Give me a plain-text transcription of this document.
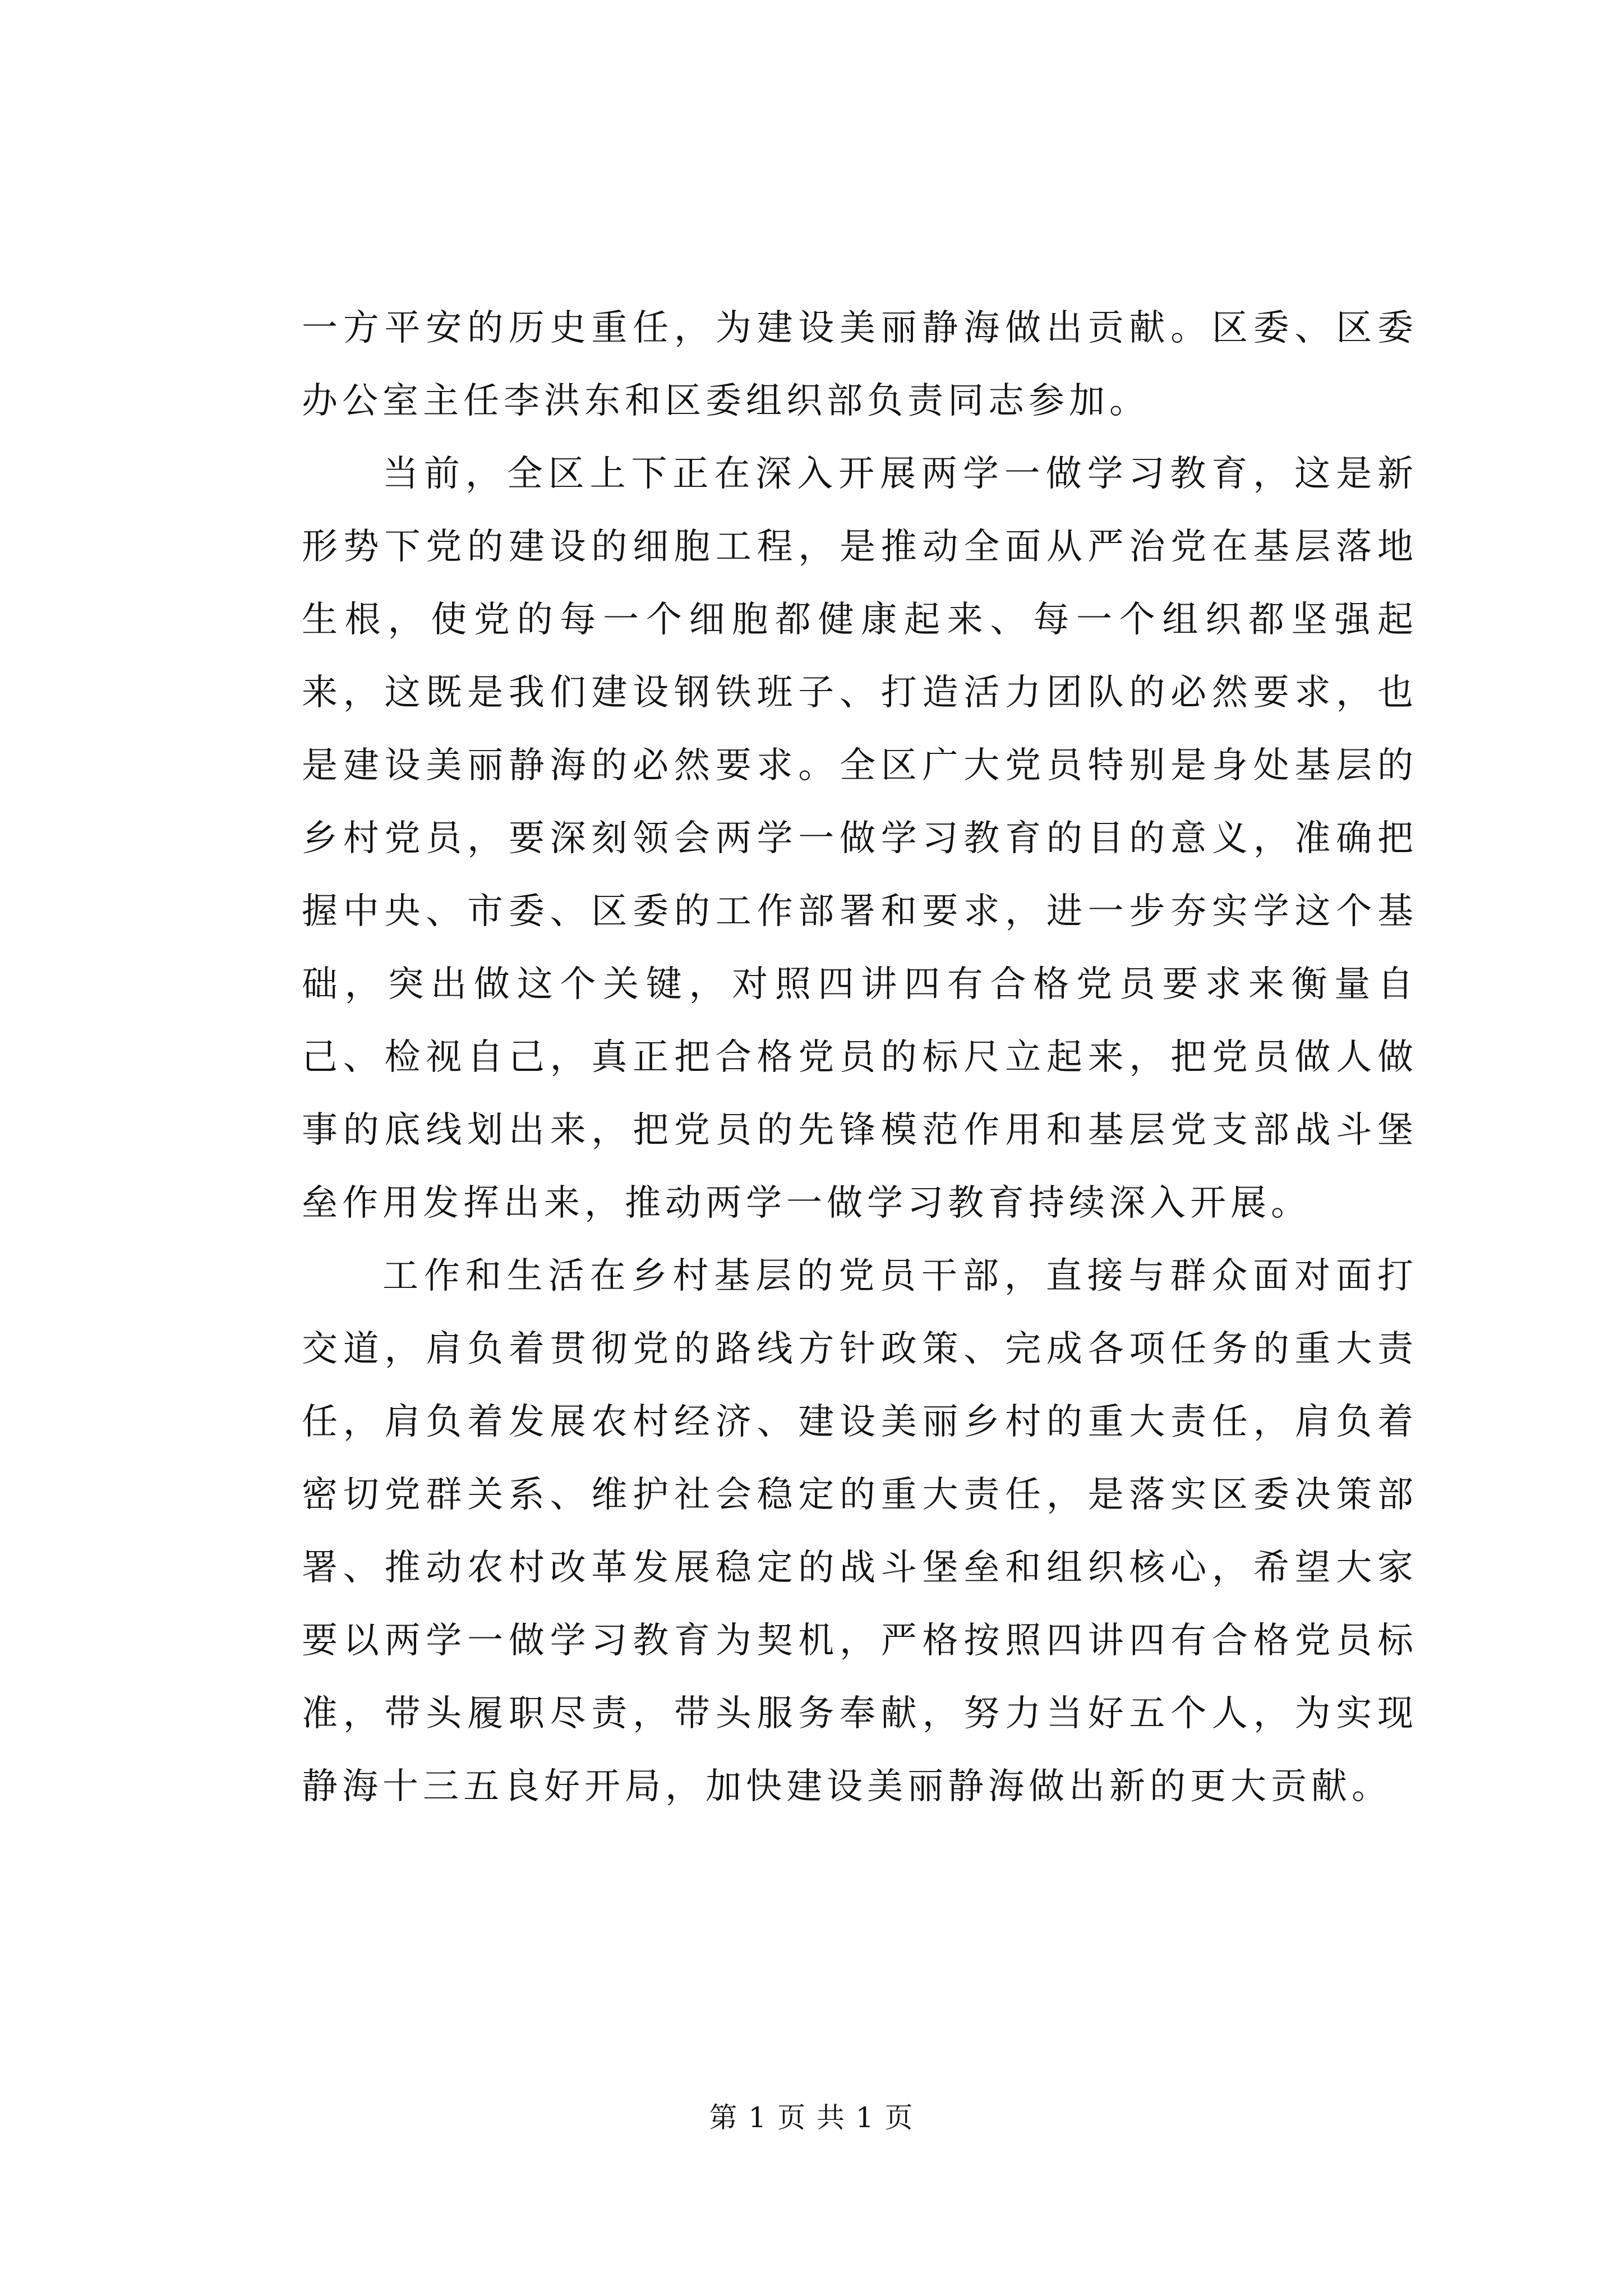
一方平安的历史重任，为建设美丽静海做出贡献。区委、区委办公室主任李洪东和区委组织部负责同志参加。

当前，全区上下正在深入开展两学一做学习教育，这是新形势下党的建设的细胞工程，是推动全面从严治党在基层落地生根，使党的每一个细胞都健康起来、每一个组织都坚强起来，这既是我们建设钢铁班子、打造活力团队的必然要求，也是建设美丽静海的必然要求。全区广大党员特别是身处基层的乡村党员，要深刻领会两学一做学习教育的目的意义，准确把握中央、市委、区委的工作部署和要求，进一步夯实学这个基础，突出做这个关键，对照四讲四有合格党员要求来衡量自己、检视自己，真正把合格党员的标尺立起来，把党员做人做事的底线划出来，把党员的先锋模范作用和基层党支部战斗堡垒作用发挥出来，推动两学一做学习教育持续深入开展。

工作和生活在乡村基层的党员干部，直接与群众面对面打交道，肩负着贯彻党的路线方针政策、完成各项任务的重大责任，肩负着发展农村经济、建设美丽乡村的重大责任，肩负着密切党群关系、维护社会稳定的重大责任，是落实区委决策部署、推动农村改革发展稳定的战斗堡垒和组织核心，希望大家要以两学一做学习教育为契机，严格按照四讲四有合格党员标准，带头履职尽责，带头服务奉献，努力当好五个人，为实现静海十三五良好开局，加快建设美丽静海做出新的更大贡献。

第 1 页 共 1 页
